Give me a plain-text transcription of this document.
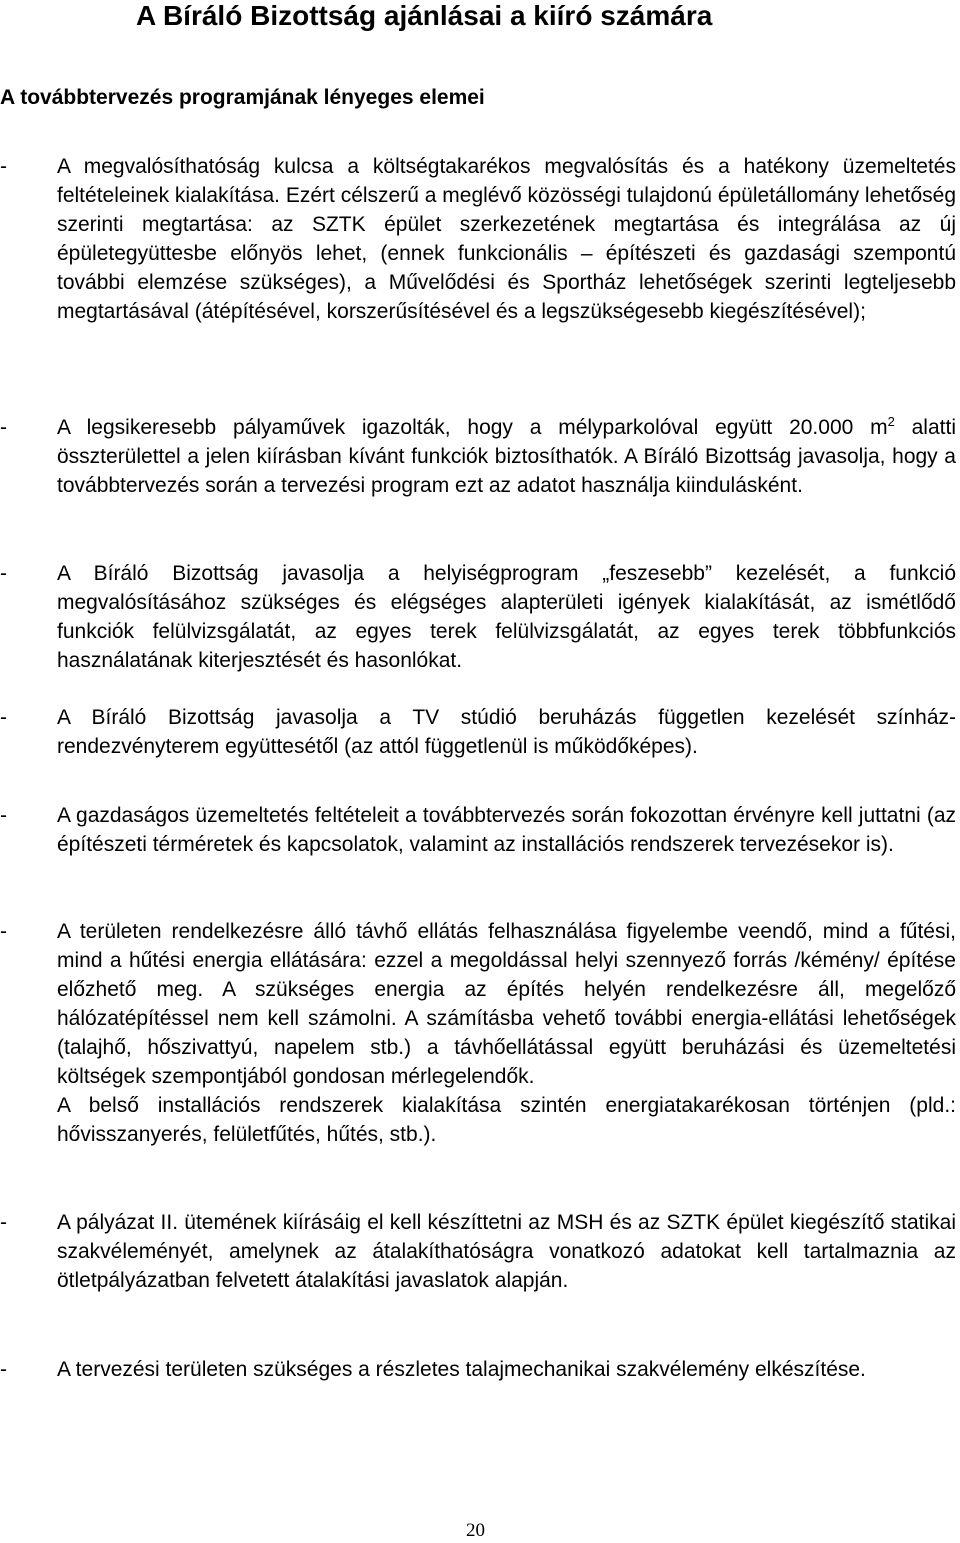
A Bíráló Bizottság ajánlásai a kiíró számára
A továbbtervezés programjának lényeges elemei
- A megvalósíthatóság kulcsa a költségtakarékos megvalósítás és a hatékony üzemeltetés feltételeinek kialakítása. Ezért célszerű a meglévő közösségi tulajdonú épületállomány lehetőség szerinti megtartása: az SZTK épület szerkezetének megtartása és integrálása az új épületegyüttesbe előnyös lehet, (ennek funkcionális – építészeti és gazdasági szempontú további elemzése szükséges), a Művelődési és Sportház lehetőségek szerinti legteljesebb megtartásával (átépítésével, korszerűsítésével és a legszükségesebb kiegészítésével);

- A legsikeresebb pályaművek igazolták, hogy a mélyparkolóval együtt 20.000 $m^2$ alatti összterülettel a jelen kiírásban kívánt funkciók biztosíthatók. A Bíráló Bizottság javasolja, hogy a továbbtervezés során a tervezési program ezt az adatot használja kiindulásként.

- A Bíráló Bizottság javasolja a helyiségprogram „feszesebb” kezelését, a funkció megvalósításához szükséges és elégséges alapterületi igények kialakítását, az ismétlődő funkciók felülvizsgálatát, az egyes terek felülvizsgálatát, az egyes terek többfunkciós használatának kiterjesztését és hasonlókat.

- A Bíráló Bizottság javasolja a TV stúdió beruházás független kezelését színház-rendezvényterem együttesétől (az attól függetlenül is működőképes).

- A gazdaságos üzemeltetés feltételeit a továbbtervezés során fokozottan érvényre kell juttatni (az építészeti térméretek és kapcsolatok, valamint az installációs rendszerek tervezésekor is).

- A területen rendelkezésre álló távhő ellátás felhasználása figyelembe veendő, mind a fűtési, mind a hűtési energia ellátására: ezzel a megoldással helyi szennyező forrás /kémény/ építése előzhető meg. A szükséges energia az építés helyén rendelkezésre áll, megelőző hálózatépítéssel nem kell számolni. A számításba vehető további energia-ellátási lehetőségek (talajhő, hőszivattyú, napelem stb.) a távhőellátással együtt beruházási és üzemeltetési költségek szempontjából gondosan mérlegelendők.

A belső installációs rendszerek kialakítása szintén energiatakarékosan történjen (pld.: hővisszanyerés, felületfűtés, hűtés, stb.).

- A pályázat II. ütemének kiírásáig el kell készíttetni az MSH és az SZTK épület kiegészítő statikai szakvéleményét, amelynek az átalakíthatóságra vonatkozó adatokat kell tartalmaznia az ötletpályázatban felvetett átalakítási javaslatok alapján.

- A tervezési területen szükséges a részletes talajmechanikai szakvélemény elkészítése.

20
